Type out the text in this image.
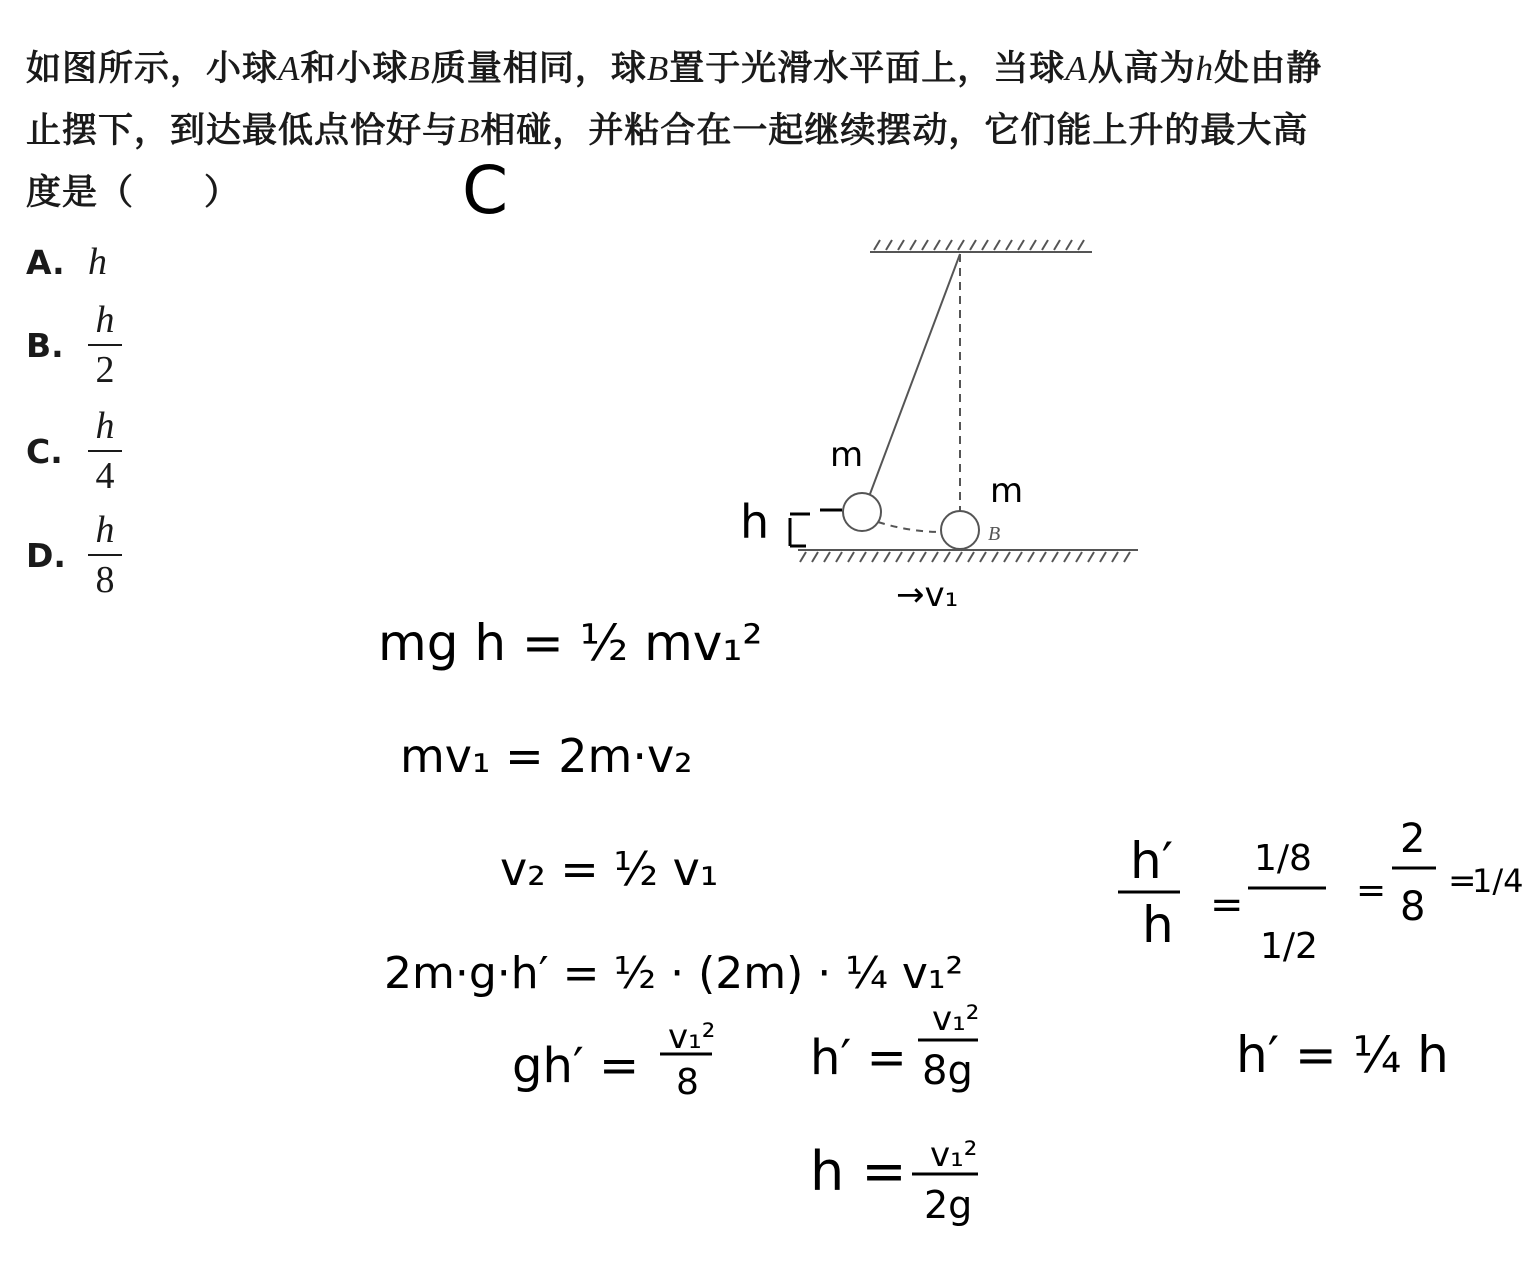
如图所示，小球A和小球B质量相同，球B置于光滑水平面上，当球A从高为h处由静止摆下，到达最低点恰好与B相碰，并粘合在一起继续摆动，它们能上升的最大高度是（ ）	C
A. h
B. $\frac{h}{2}$
C. $\frac{h}{4}$
D. $\frac{h}{8}$	B
m
m
h
→v₁
mg h = ½ mv₁²
mv₁ = 2m·v₂
v₂ = ½ v₁
2m·g·h′ = ½ · (2m) · ¼ v₁²
gh′ =
v₁²
8 h′ =
v₁²
8g
h = v₁²
2g
h′
h =
1/8
1/2
=
2
8
=
1/4
h′ = ¼ h
